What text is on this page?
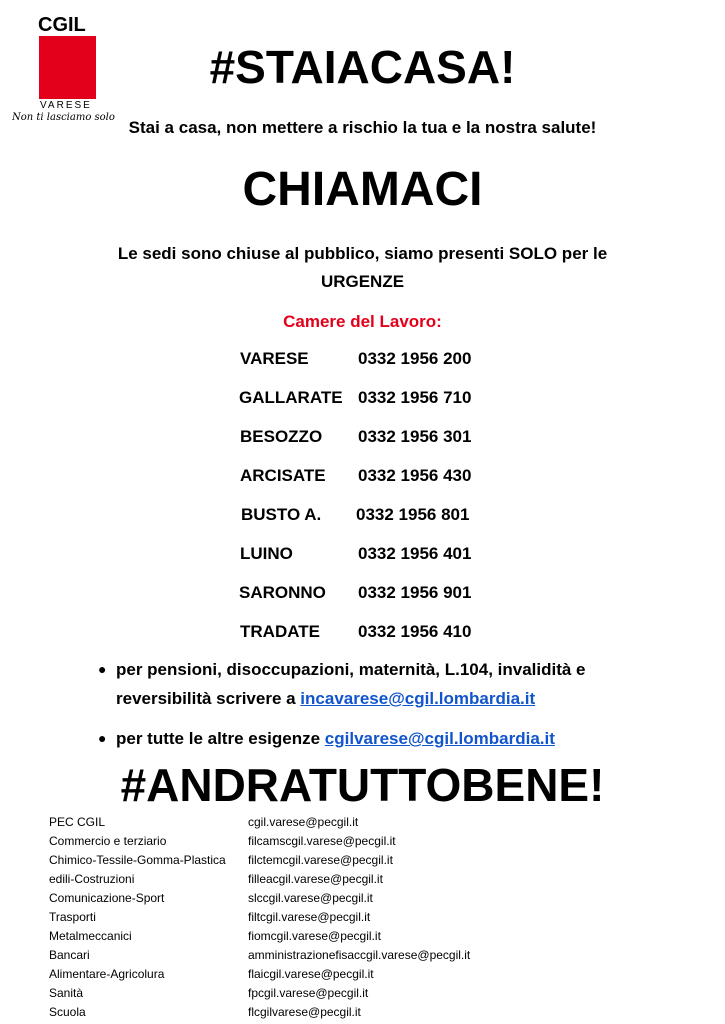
CGIL
VARESE
Non ti lasciamo solo
#STAIACASA!
Stai a casa, non mettere a rischio la tua e la nostra salute!
CHIAMACI
Le sedi sono chiuse al pubblico, siamo presenti SOLO per le
URGENZE
Camere del Lavoro:
VARESE	0332 1956 200
GALLARATE 0332 1956 710
BESOZZO 0332 1956 301
ARCISATE 0332 1956 430
BUSTO A. 0332 1956 801
LUINO	0332 1956 401
SARONNO 0332 1956 901
TRADATE 0332 1956 410
● per pensioni, disoccupazioni, maternità, L.104, invalidità e reversibilità scrivere a incavarese@cgil.lombardia.it
● per tutte le altre esigenze cgilvarese@cgil.lombardia.it
#ANDRATUTTOBENE!
PEC CGIL	cgil.varese@pecgil.it
Commercio e terziario	filcamscgil.varese@pecgil.it
Chimico-Tessile-Gomma-Plastica filctemcgil.varese@pecgil.it
edili-Costruzioni	filleacgil.varese@pecgil.it
Comunicazione-Sport	slccgil.varese@pecgil.it
Trasporti	filtcgil.varese@pecgil.it
Metalmeccanici	fiomcgil.varese@pecgil.it
Bancari	amministrazionefisaccgil.varese@pecgil.it
Alimentare-Agricolura	flaicgil.varese@pecgil.it
Sanità	fpcgil.varese@pecgil.it
Scuola	flcgilvarese@pecgil.it
